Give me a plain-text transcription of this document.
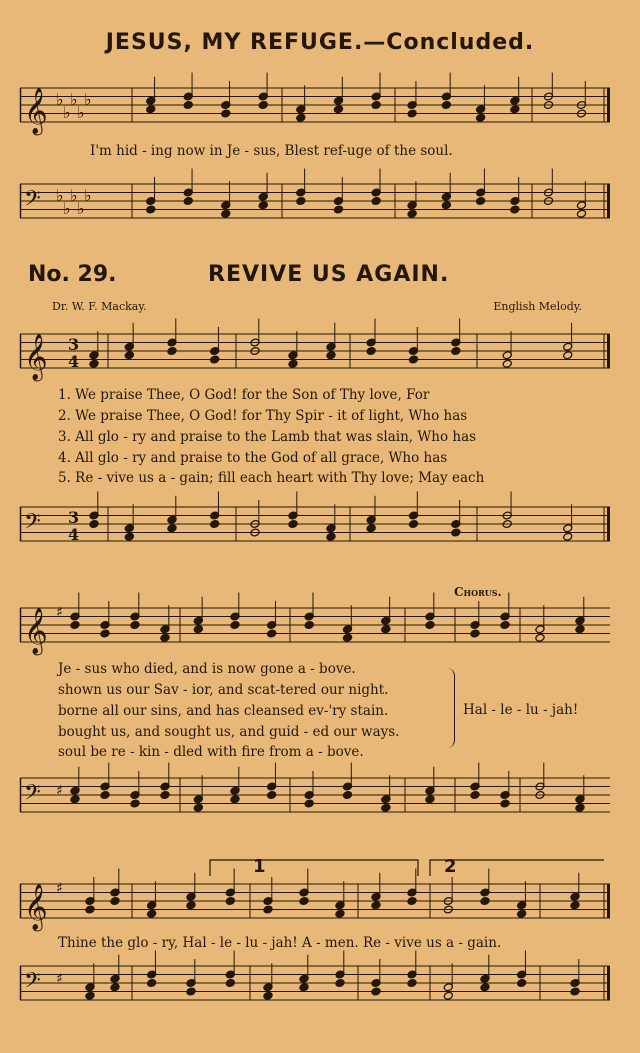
JESUS, MY REFUGE.—Concluded.
𝄞 ♭
♭
♭
♭
♭
I'm hid - ing now in Je - sus, Blest ref-uge of the soul.
𝄢 ♭
♭
♭
♭
♭
No. 29.	REVIVE US AGAIN.
Dr. W. F. Mackay.	English Melody.
𝄞 3
4
1. We praise Thee, O God! for the Son of Thy love, For
2. We praise Thee, O God! for Thy Spir - it of light, Who has
3. All glo - ry and praise to the Lamb that was slain, Who has
4. All glo - ry and praise to the God of all grace, Who has
5. Re - vive us a - gain; fill each heart with Thy love; May each
𝄢 3
4
Chorus.
𝄞 ♯
Je - sus who died, and is now gone a - bove.
shown us our Sav - ior, and scat-tered our night.
borne all our sins, and has cleansed ev-'ry stain.
bought us, and sought us, and guid - ed our ways.
soul be re - kin - dled with fire from a - bove.
Hal - le - lu - jah!
𝄢 ♯
1	2
𝄞 ♯
Thine the glo - ry, Hal - le - lu - jah! A - men. Re - vive us a - gain.
𝄢 ♯
